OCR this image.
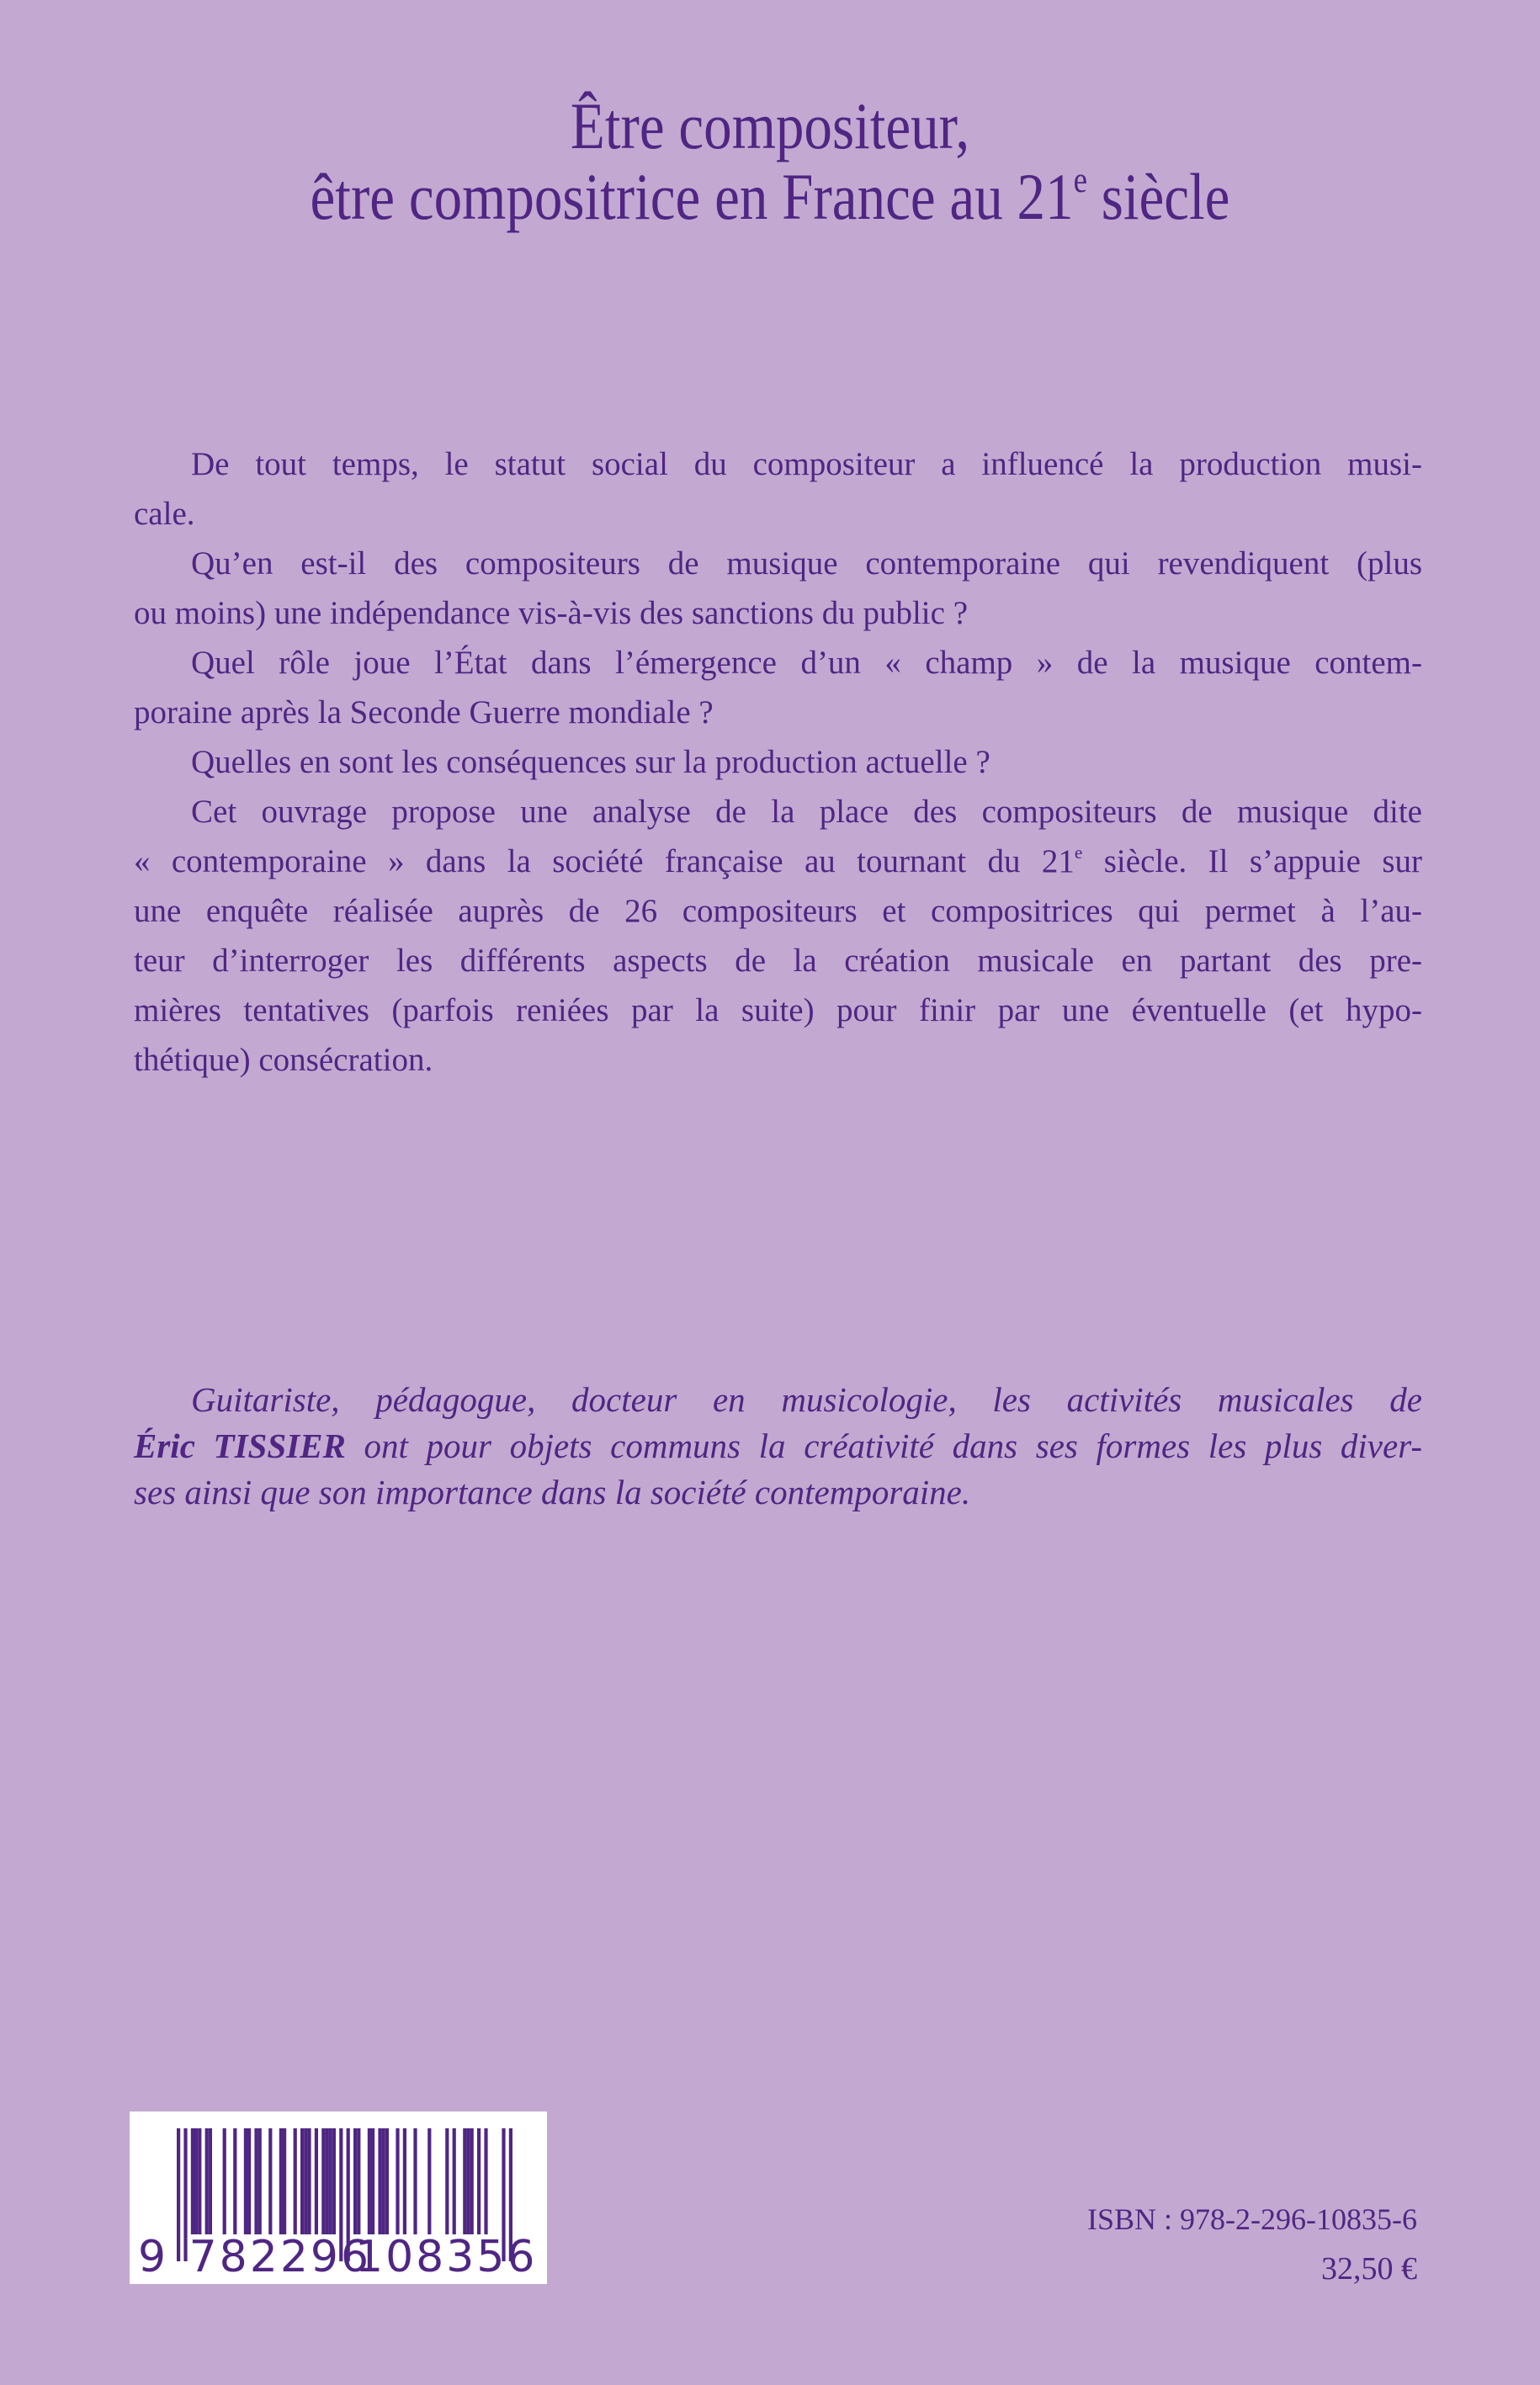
Être compositeur,
être compositrice en France au 21e siècle
De tout temps, le statut social du compositeur a influencé la production musi-
cale.
Qu’en est-il des compositeurs de musique contemporaine qui revendiquent (plus
ou moins) une indépendance vis-à-vis des sanctions du public ?
Quel rôle joue l’État dans l’émergence d’un « champ » de la musique contem-
poraine après la Seconde Guerre mondiale ?
Quelles en sont les conséquences sur la production actuelle ?
Cet ouvrage propose une analyse de la place des compositeurs de musique dite
« contemporaine » dans la société française au tournant du 21e siècle. Il s’appuie sur
une enquête réalisée auprès de 26 compositeurs et compositrices qui permet à l’au-
teur d’interroger les différents aspects de la création musicale en partant des pre-
mières tentatives (parfois reniées par la suite) pour finir par une éventuelle (et hypo-
thétique) consécration.
Guitariste, pédagogue, docteur en musicologie, les activités musicales de
Éric TISSIER ont pour objets communs la créativité dans ses formes les plus diver-
ses ainsi que son importance dans la société contemporaine.
9 782296
108356
ISBN : 978-2-296-10835-6
32,50 €
